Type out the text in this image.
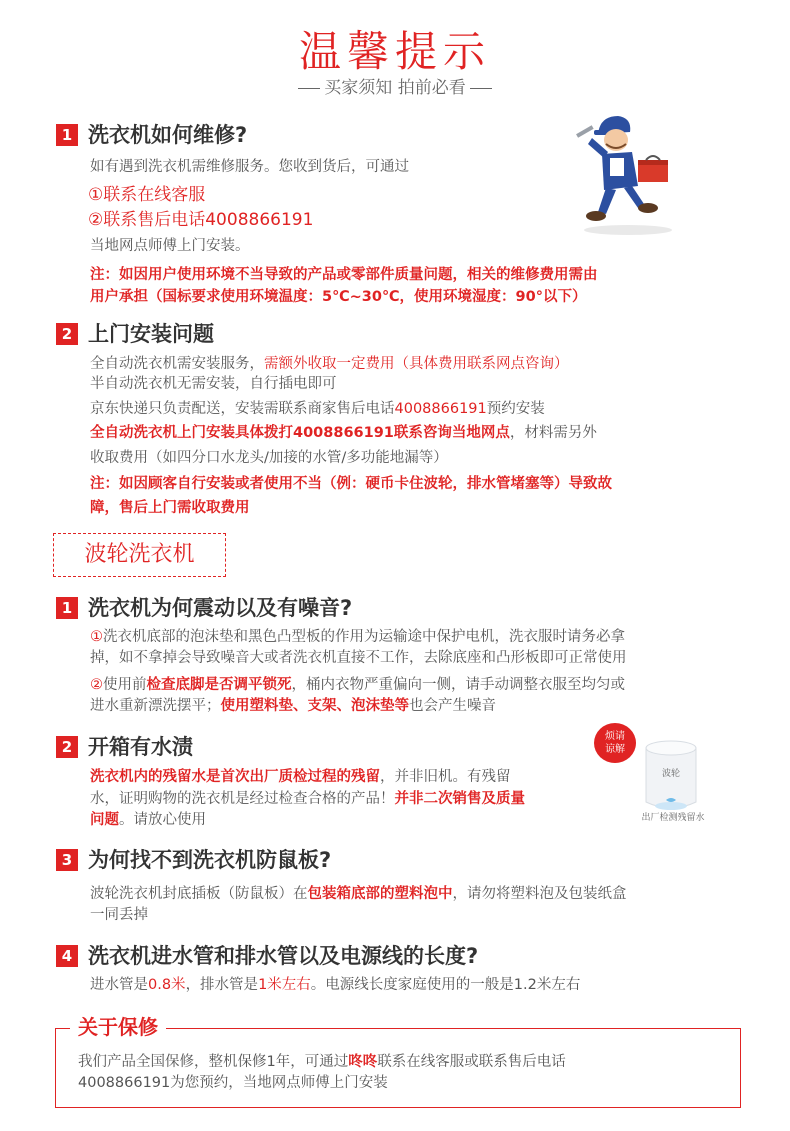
温馨提示
买家须知 拍前必看
1 洗衣机如何维修?
如有遇到洗衣机需维修服务。您收到货后，可通过
①联系在线客服
②联系售后电话4008866191
当地网点师傅上门安装。
注：如因用户使用环境不当导致的产品或零部件质量问题，相关的维修费用需由
用户承担（国标要求使用环境温度：5℃~30℃，使用环境湿度：90°以下）
2 上门安装问题
全自动洗衣机需安装服务，需额外收取一定费用（具体费用联系网点咨询）
半自动洗衣机无需安装，自行插电即可
京东快递只负责配送，安装需联系商家售后电话4008866191预约安装
全自动洗衣机上门安装具体拨打4008866191联系咨询当地网点，材料需另外
收取费用（如四分口水龙头/加接的水管/多功能地漏等）
注：如因顾客自行安装或者使用不当（例：硬币卡住波轮，排水管堵塞等）导致故
障，售后上门需收取费用
波轮洗衣机
1 洗衣机为何震动以及有噪音?
①洗衣机底部的泡沫垫和黑色凸型板的作用为运输途中保护电机，洗衣服时请务必拿
掉，如不拿掉会导致噪音大或者洗衣机直接不工作，去除底座和凸形板即可正常使用
②使用前检查底脚是否调平锁死，桶内衣物严重偏向一侧，请手动调整衣服至均匀或
进水重新漂洗摆平；使用塑料垫、支架、泡沫垫等也会产生噪音
2 开箱有水渍
洗衣机内的残留水是首次出厂质检过程的残留，并非旧机。有残留
水，证明购物的洗衣机是经过检查合格的产品！并非二次销售及质量
问题。请放心使用
烦请
谅解
波轮
出厂检测残留水
3 为何找不到洗衣机防鼠板?
波轮洗衣机封底插板（防鼠板）在包装箱底部的塑料泡中，请勿将塑料泡及包装纸盒
一同丢掉
4 洗衣机进水管和排水管以及电源线的长度?
进水管是0.8米，排水管是1米左右。电源线长度家庭使用的一般是1.2米左右
关于保修
我们产品全国保修，整机保修1年，可通过咚咚联系在线客服或联系售后电话
4008866191为您预约，当地网点师傅上门安装
